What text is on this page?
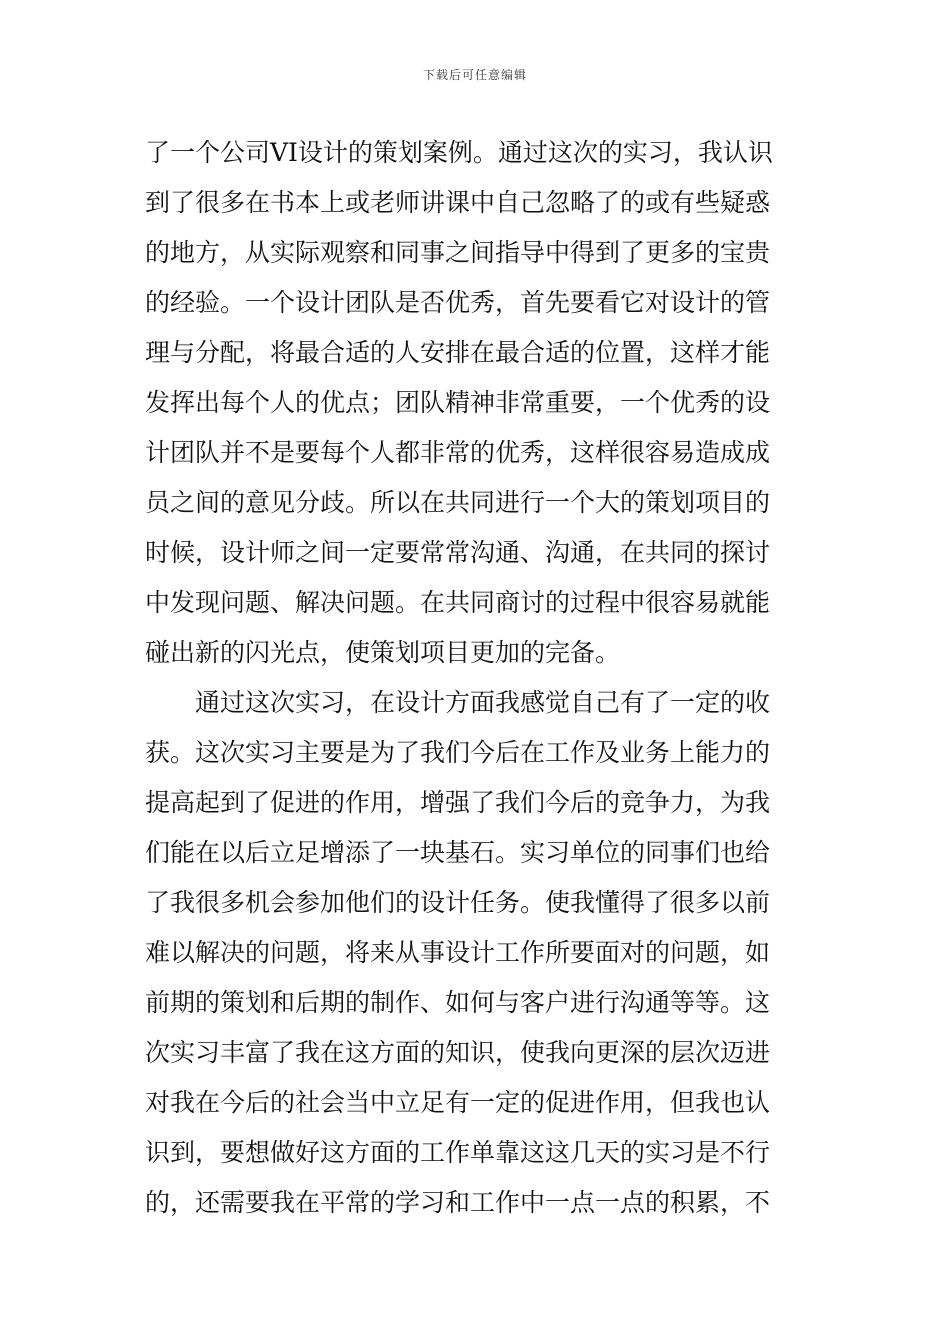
下载后可任意编辑
了一个公司VI设计的策划案例。通过这次的实习，我认识
到了很多在书本上或老师讲课中自己忽略了的或有些疑惑
的地方，从实际观察和同事之间指导中得到了更多的宝贵
的经验。一个设计团队是否优秀，首先要看它对设计的管
理与分配，将最合适的人安排在最合适的位置，这样才能
发挥出每个人的优点；团队精神非常重要，一个优秀的设
计团队并不是要每个人都非常的优秀，这样很容易造成成
员之间的意见分歧。所以在共同进行一个大的策划项目的
时候，设计师之间一定要常常沟通、沟通，在共同的探讨
中发现问题、解决问题。在共同商讨的过程中很容易就能
碰出新的闪光点，使策划项目更加的完备。
　　通过这次实习，在设计方面我感觉自己有了一定的收
获。这次实习主要是为了我们今后在工作及业务上能力的
提高起到了促进的作用，增强了我们今后的竞争力，为我
们能在以后立足增添了一块基石。实习单位的同事们也给
了我很多机会参加他们的设计任务。使我懂得了很多以前
难以解决的问题，将来从事设计工作所要面对的问题，如
前期的策划和后期的制作、如何与客户进行沟通等等。这
次实习丰富了我在这方面的知识，使我向更深的层次迈进
对我在今后的社会当中立足有一定的促进作用，但我也认
识到，要想做好这方面的工作单靠这这几天的实习是不行
的，还需要我在平常的学习和工作中一点一点的积累，不
